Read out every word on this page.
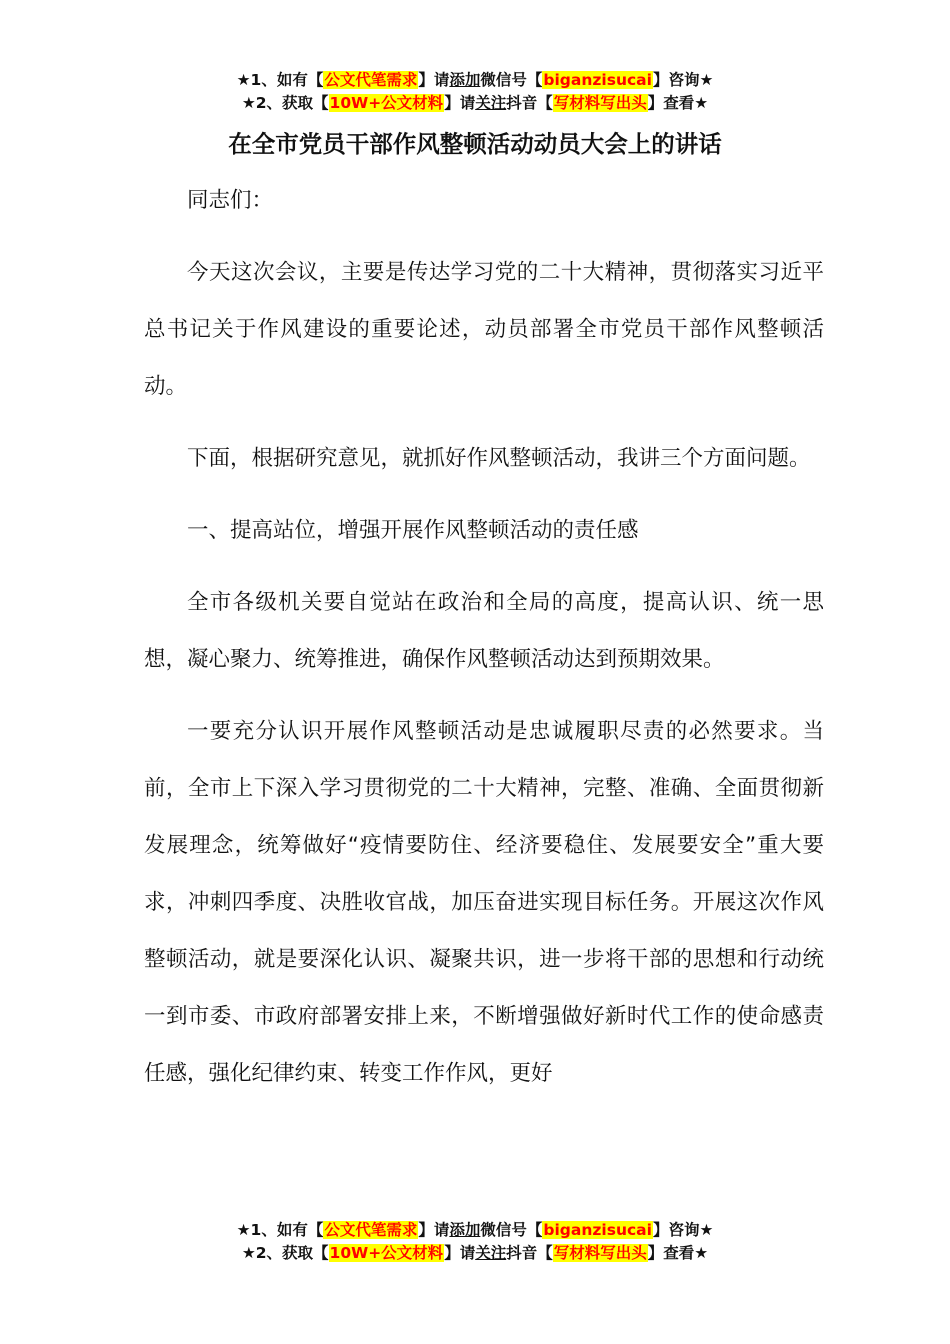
★1、如有【公文代笔需求】请添加微信号【biganzisucai】咨询★
★2、获取【10W+公文材料】请关注抖音【写材料写出头】查看★
在全市党员干部作风整顿活动动员大会上的讲话

同志们：

今天这次会议，主要是传达学习党的二十大精神，贯彻落实习近平总书记关于作风建设的重要论述，动员部署全市党员干部作风整顿活动。

下面，根据研究意见，就抓好作风整顿活动，我讲三个方面问题。

一、提高站位，增强开展作风整顿活动的责任感

全市各级机关要自觉站在政治和全局的高度，提高认识、统一思想，凝心聚力、统筹推进，确保作风整顿活动达到预期效果。

一要充分认识开展作风整顿活动是忠诚履职尽责的必然要求。当前，全市上下深入学习贯彻党的二十大精神，完整、准确、全面贯彻新发展理念，统筹做好“疫情要防住、经济要稳住、发展要安全”重大要求，冲刺四季度、决胜收官战，加压奋进实现目标任务。开展这次作风整顿活动，就是要深化认识、凝聚共识，进一步将干部的思想和行动统一到市委、市政府部署安排上来，不断增强做好新时代工作的使命感责任感，强化纪律约束、转变工作作风，更好

★1、如有【公文代笔需求】请添加微信号【biganzisucai】咨询★
★2、获取【10W+公文材料】请关注抖音【写材料写出头】查看★
